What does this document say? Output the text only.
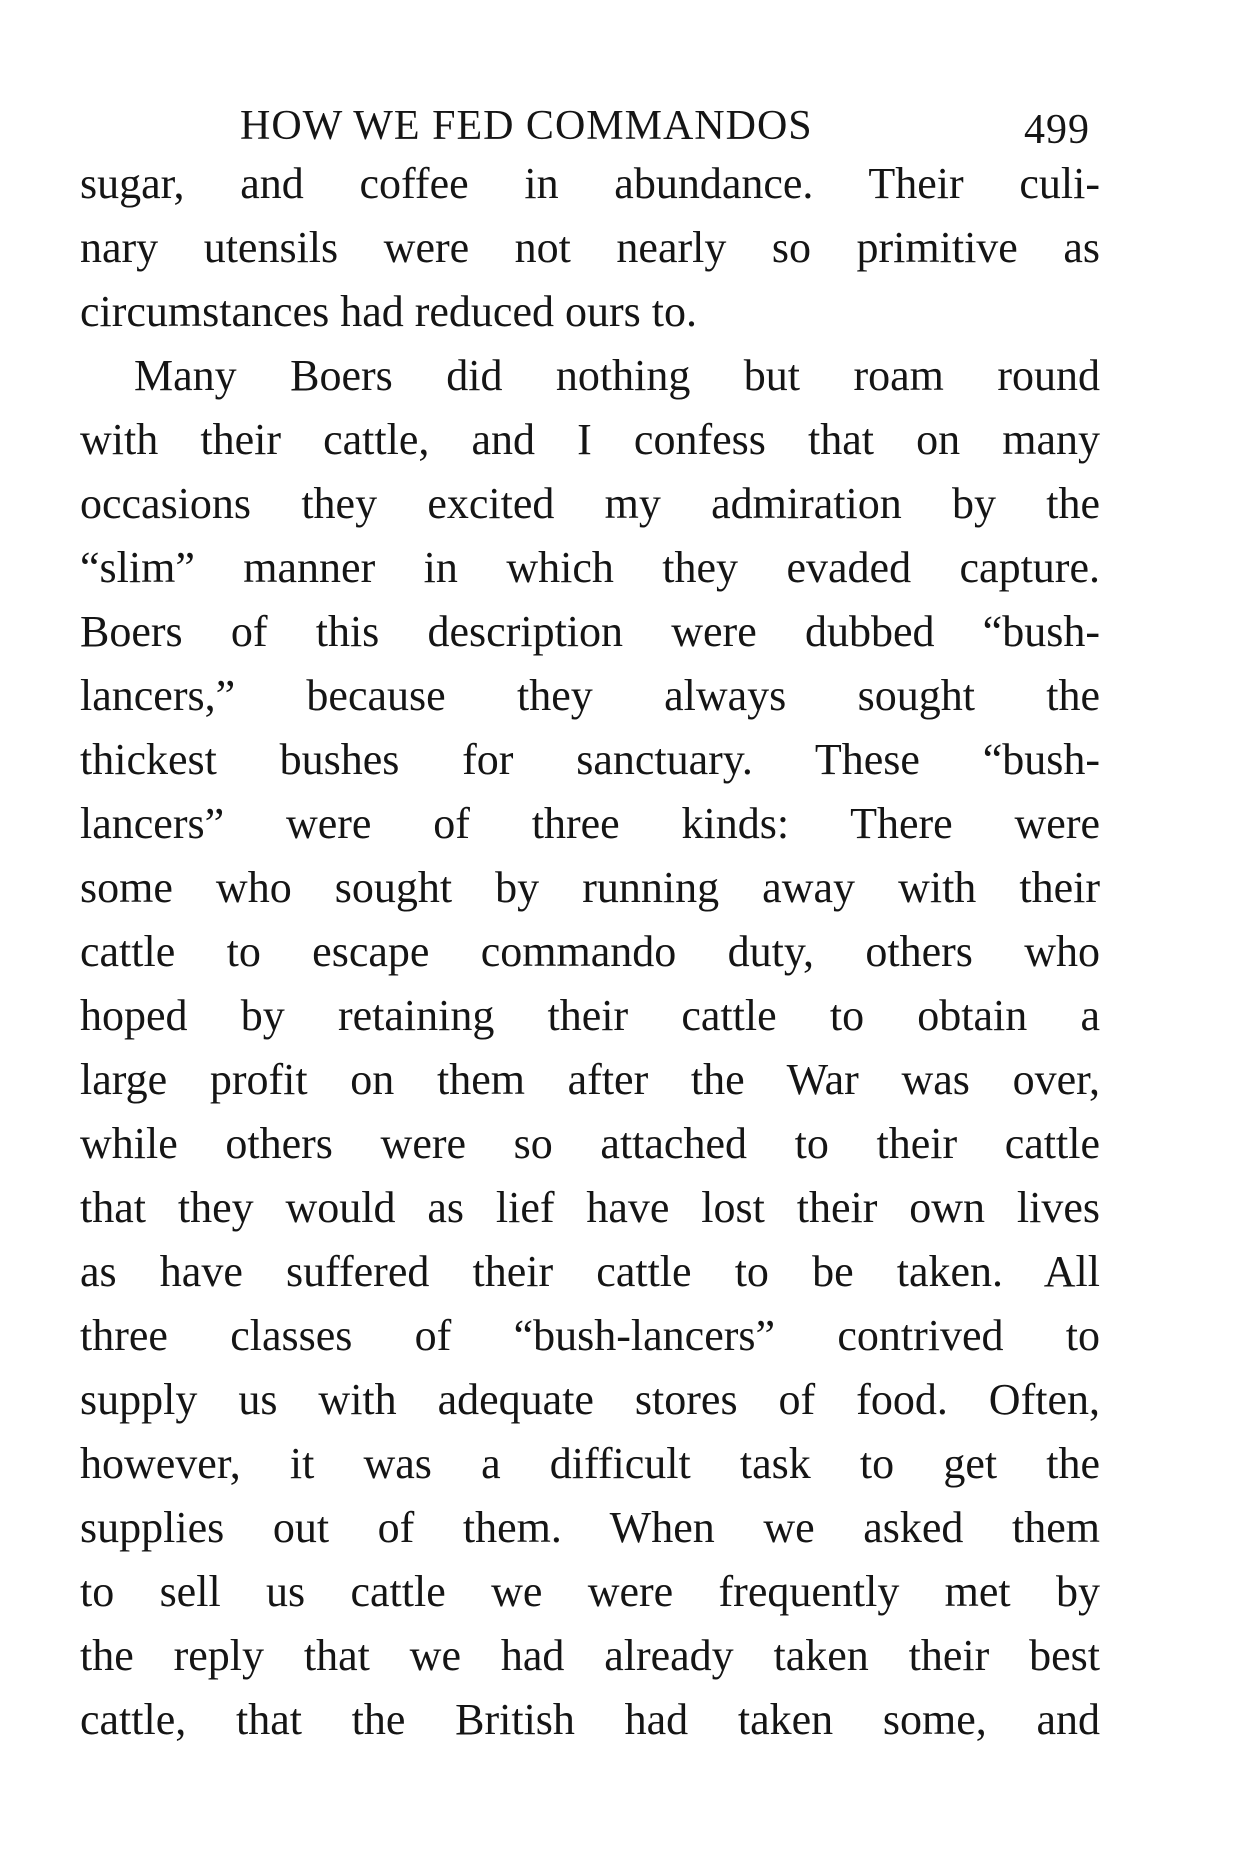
HOW WE FED COMMANDOS	499
sugar, and coffee in abundance. Their culi-
nary utensils were not nearly so primitive as
circumstances had reduced ours to.
Many Boers did nothing but roam round
with their cattle, and I confess that on many
occasions they excited my admiration by the
“slim” manner in which they evaded capture.
Boers of this description were dubbed “bush-
lancers,” because they always sought the
thickest bushes for sanctuary. These “bush-
lancers” were of three kinds: There were
some who sought by running away with their
cattle to escape commando duty, others who
hoped by retaining their cattle to obtain a
large profit on them after the War was over,
while others were so attached to their cattle
that they would as lief have lost their own lives
as have suffered their cattle to be taken. All
three classes of “bush-lancers” contrived to
supply us with adequate stores of food. Often,
however, it was a difficult task to get the
supplies out of them. When we asked them
to sell us cattle we were frequently met by
the reply that we had already taken their best
cattle, that the British had taken some, and
